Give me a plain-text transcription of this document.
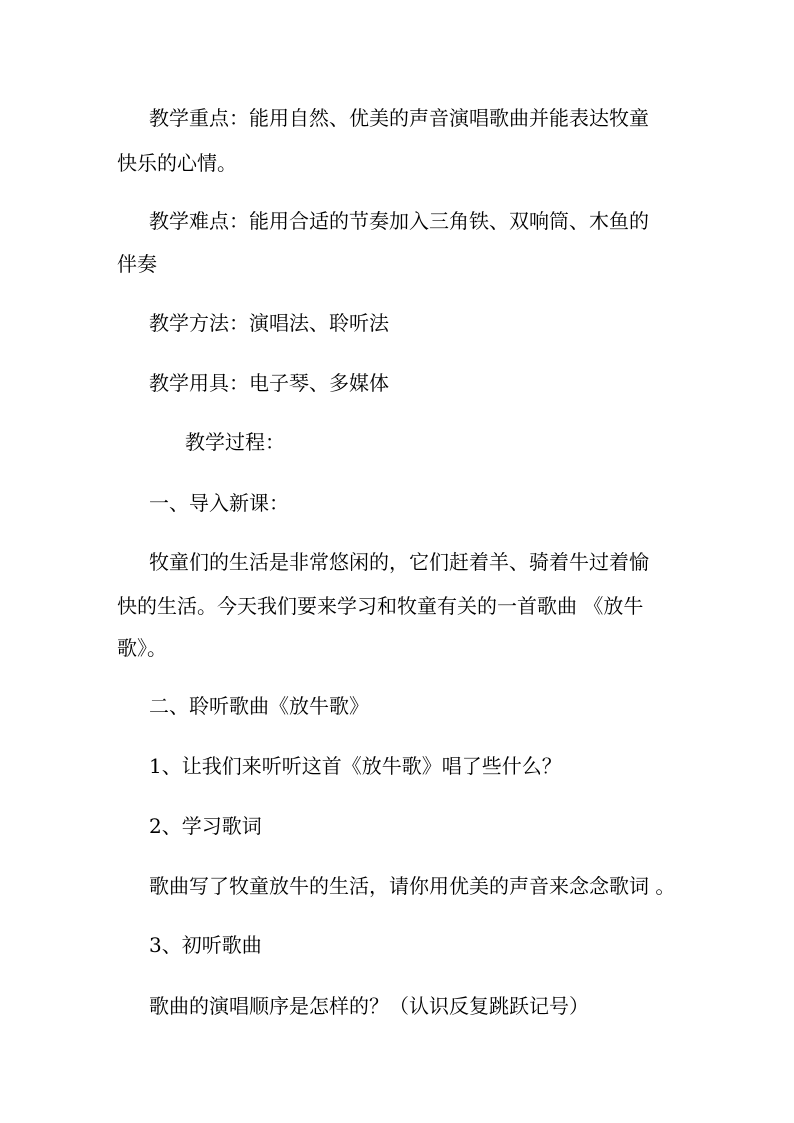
教学重点：能用自然、优美的声音演唱歌曲并能表达牧童
快乐的心情。
教学难点：能用合适的节奏加入三角铁、双响筒、木鱼的
伴奏
教学方法：演唱法、聆听法
教学用具：电子琴、多媒体
教学过程：
一、导入新课：
牧童们的生活是非常悠闲的，它们赶着羊、骑着牛过着愉
快的生活。今天我们要来学习和牧童有关的一首歌曲 《放牛
歌》。
二、聆听歌曲《放牛歌》
1、让我们来听听这首《放牛歌》唱了些什么？
2、学习歌词
歌曲写了牧童放牛的生活，请你用优美的声音来念念歌词 。
3、初听歌曲
歌曲的演唱顺序是怎样的？（认识反复跳跃记号）
